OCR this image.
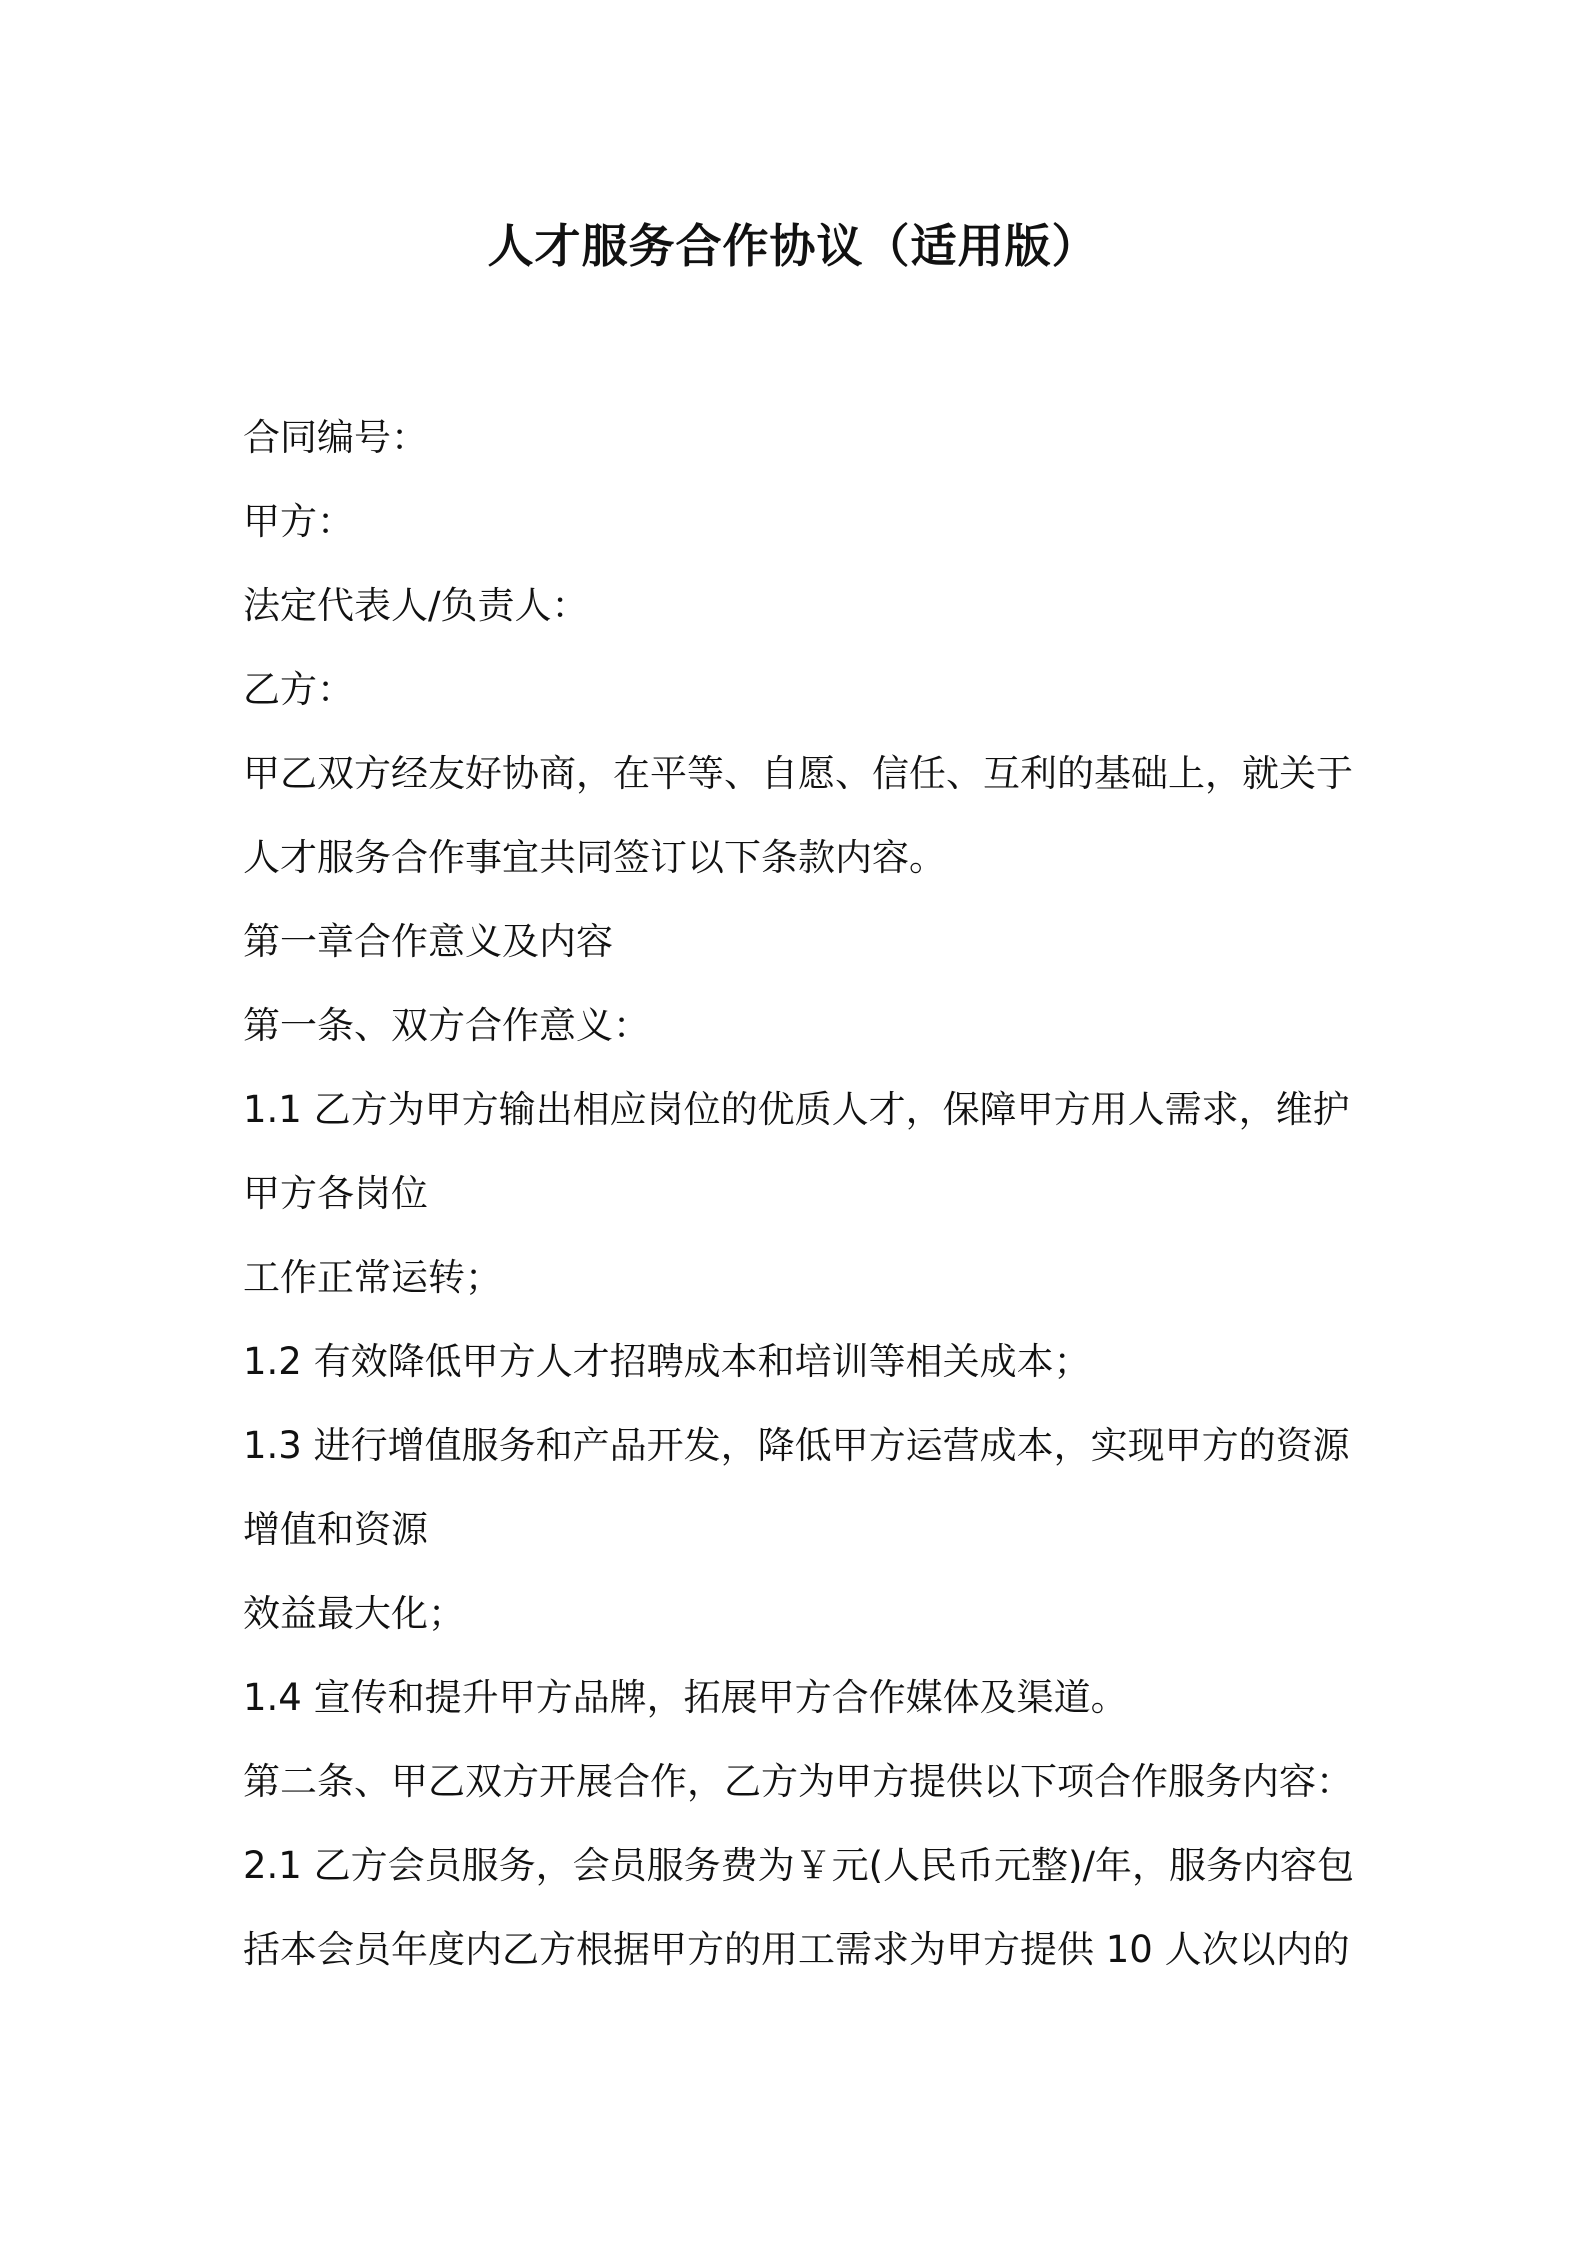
人才服务合作协议（适用版）
合同编号：
甲方：
法定代表人/负责人：
乙方：
甲乙双方经友好协商，在平等、自愿、信任、互利的基础上，就关于
人才服务合作事宜共同签订以下条款内容。
第一章合作意义及内容
第一条、双方合作意义：
1.1 乙方为甲方输出相应岗位的优质人才，保障甲方用人需求，维护
甲方各岗位
工作正常运转；
1.2 有效降低甲方人才招聘成本和培训等相关成本；
1.3 进行增值服务和产品开发，降低甲方运营成本，实现甲方的资源
增值和资源
效益最大化；
1.4 宣传和提升甲方品牌，拓展甲方合作媒体及渠道。
第二条、甲乙双方开展合作，乙方为甲方提供以下项合作服务内容：
2.1 乙方会员服务，会员服务费为￥元(人民币元整)/年，服务内容包
括本会员年度内乙方根据甲方的用工需求为甲方提供 10 人次以内的
